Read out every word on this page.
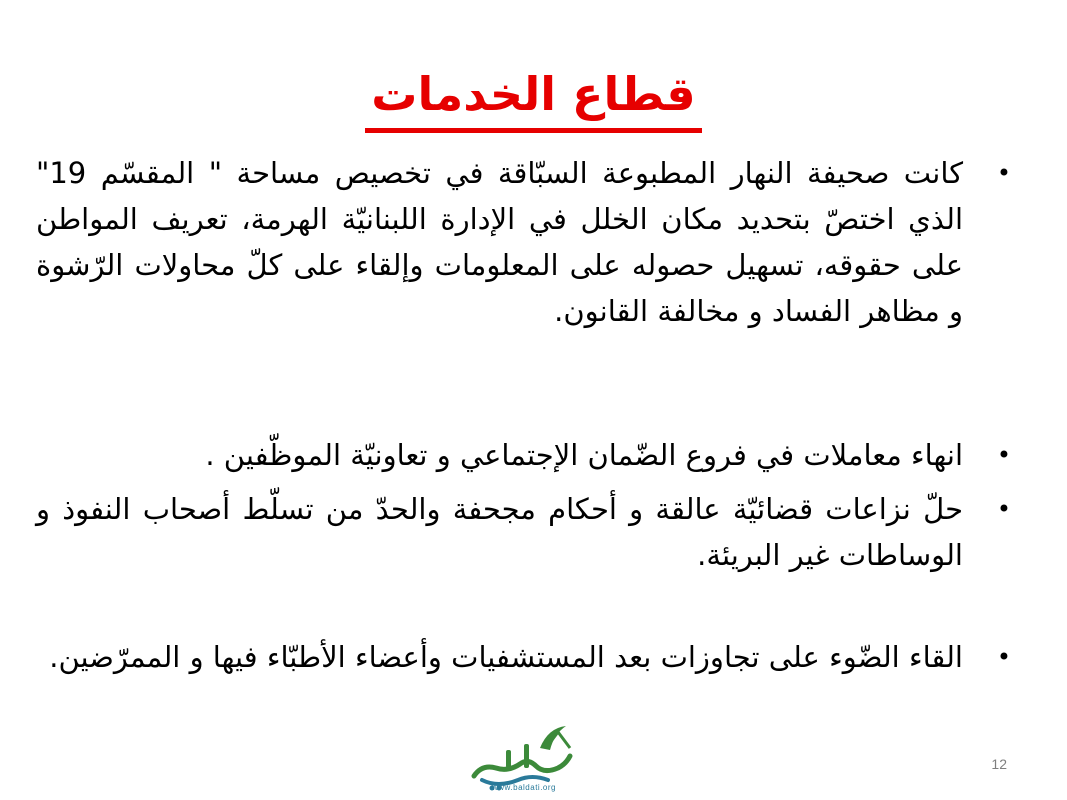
قطاع الخدمات
•
كانت صحيفة النهار المطبوعة السبّاقة في تخصيص مساحة " المقسّم 19" الذي اختصّ بتحديد مكان الخلل في الإدارة اللبنانيّة الهرمة، تعريف المواطن على حقوقه، تسهيل حصوله على المعلومات وإلقاء على كلّ محاولات الرّشوة و مظاهر الفساد و مخالفة القانون.
•
انهاء معاملات في فروع الضّمان الإجتماعي و تعاونيّة الموظّفين .
•
حلّ نزاعات قضائيّة عالقة و أحكام مجحفة والحدّ من تسلّط أصحاب النفوذ و الوساطات غير البريئة.
•
القاء الضّوء على تجاوزات بعد المستشفيات وأعضاء الأطبّاء فيها و الممرّضين.
www.baldati.org
12
